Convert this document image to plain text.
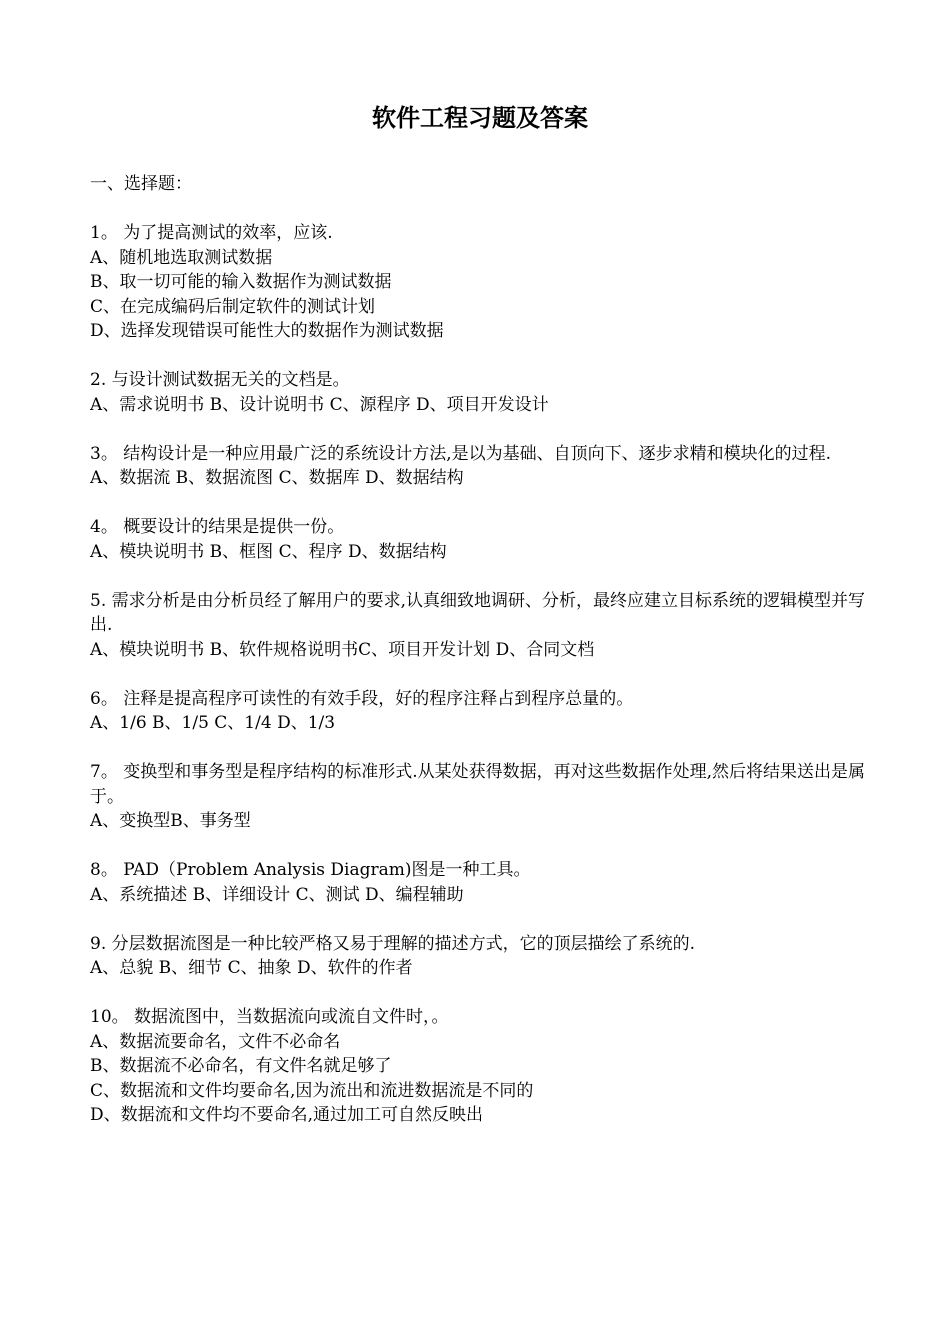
软件工程习题及答案

一、选择题：

1。 为了提高测试的效率，应该.

A、随机地选取测试数据

B、取一切可能的输入数据作为测试数据

C、在完成编码后制定软件的测试计划

D、选择发现错误可能性大的数据作为测试数据

2. 与设计测试数据无关的文档是。

A、需求说明书 B、设计说明书 C、源程序 D、项目开发设计

3。 结构设计是一种应用最广泛的系统设计方法,是以为基础、自顶向下、逐步求精和模块化的过程.

A、数据流 B、数据流图 C、数据库 D、数据结构

4。 概要设计的结果是提供一份。

A、模块说明书 B、框图 C、程序 D、数据结构

5. 需求分析是由分析员经了解用户的要求,认真细致地调研、分析，最终应建立目标系统的逻辑模型并写出.

A、模块说明书 B、软件规格说明书C、项目开发计划 D、合同文档

6。 注释是提高程序可读性的有效手段，好的程序注释占到程序总量的。

A、1/6 B、1/5 C、1/4 D、1/3

7。 变换型和事务型是程序结构的标准形式.从某处获得数据，再对这些数据作处理,然后将结果送出是属于。

A、变换型B、事务型

8。 PAD（Problem Analysis Diagram)图是一种工具。

A、系统描述 B、详细设计 C、测试 D、编程辅助

9. 分层数据流图是一种比较严格又易于理解的描述方式，它的顶层描绘了系统的.

A、总貌 B、细节 C、抽象 D、软件的作者

10。 数据流图中，当数据流向或流自文件时，。

A、数据流要命名，文件不必命名

B、数据流不必命名，有文件名就足够了

C、数据流和文件均要命名,因为流出和流进数据流是不同的

D、数据流和文件均不要命名,通过加工可自然反映出
